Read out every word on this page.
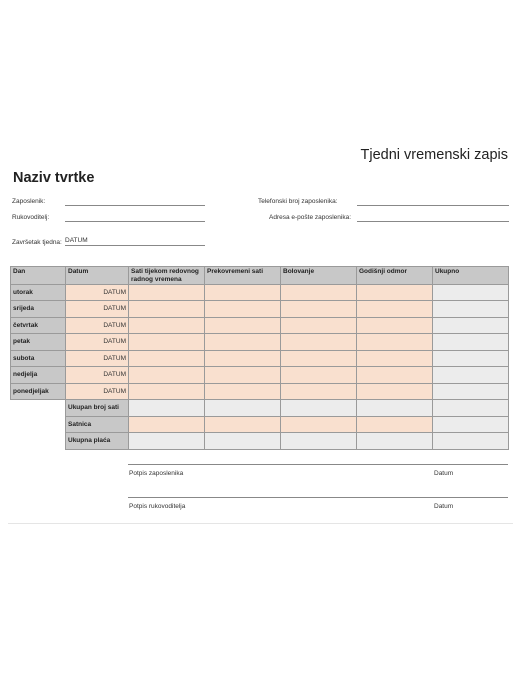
Tjedni vremenski zapis
Naziv tvrtke
Zaposlenik:
Rukovoditelj:
Završetak tjedna: DATUM
Telefonski broj zaposlenika:
Adresa e-pošte zaposlenika:
Dan	Datum	Sati tijekom redovnog radnog vremena	Prekovremeni sati	Bolovanje	Godišnji odmor	Ukupno
utorak	DATUM					
srijeda	DATUM					
četvrtak	DATUM					
petak	DATUM					
subota	DATUM					
nedjelja	DATUM					
ponedjeljak	DATUM					
	Ukupan broj sati					
	Satnica					
	Ukupna plaća					
Potpis zaposlenika	Datum
Potpis rukovoditelja	Datum
